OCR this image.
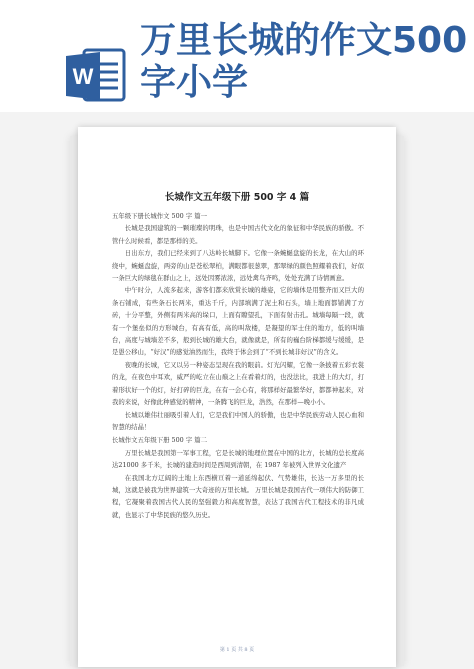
W
万里长城的作文500字小学
长城作文五年级下册 500 字 4 篇

五年级下册长城作文 500 字 篇一

长城是我国建筑的一颗璀璨的明珠，也是中国古代文化的象征和中华民族的骄傲。不管什么时候看，都是那样的美。

日出东方，我们已经来到了八达岭长城脚下。它像一条蜿蜒盘旋的长龙，在大山的环绕中，蜿蜒盘旋，两旁的山是苍松翠柏，满眼都很葱翠，那翠绿的颜色照耀着我们，好似一条巨大的绿毯在群山之上，远处因雾浓浓，远处禽鸟齐鸣，处处充满了诗情画意。

中午时分，人流多起来，游客们都来欣赏长城的雄姿，它的墙体是用整齐而又巨大的条石铺成，有些条石长两米，重达千斤，内部填满了泥土和石头，墙上地面都铺满了方砖，十分平整，外侧有两米高的垛口，上面有瞭望孔，下面有射击孔。城墙每隔一段，就有一个堡垒似的方形城台，有高有低，高的叫敌楼，是凝望的军士住的地方，低的叫墙台，高度与城墙差不多，般到长城的雄大台，就像就是，所有的巍台阶梯都缓与缓缓，是是愚公移山，“好汉”的感觉油然而生，我终于体会到了“不到长城非好汉”的含义。

夜晚的长城，它又以另一种姿态呈现在我的眼前。灯光闪耀，它像一条披着五彩衣裳的龙，在夜色中耳欢，威严的屹立在山巅之上在看着灯的，也没法比，我进上的大灯，打着形状好一个的灯，好打碎的巨龙，在有一会心有，将那样好最繁华好，都都神起来，对我的来说，好像此种感觉的精神，一条腾飞的巨龙，浩然，在那样—晚小小。

长城以雄伟壮丽吸引着人们，它是我们中国人的骄傲，也是中华民族劳动人民心血和智慧的结晶！

长城作文五年级下册 500 字 篇二

万里长城是我国第一军事工程，它是长城的地理位置在中国的北方，长城的总长度高达21000 多千米，长城的建造时间是西周到清朝，在 1987 年被列入世界文化遗产

在我国北方辽阔的土地上东西横亘着一道延绵起伏、气势雄伟，长达一万多里的长城，这就是被我为世界建筑一大奇迹的万里长城。 万里长城是我国古代一项伟大的防御工程，它凝聚着我国古代人民的坚强毅力和高度智慧，表达了我国古代工程技术的非凡成就，也显示了中华民族的悠久历史。

第 1 页 共 8 页
